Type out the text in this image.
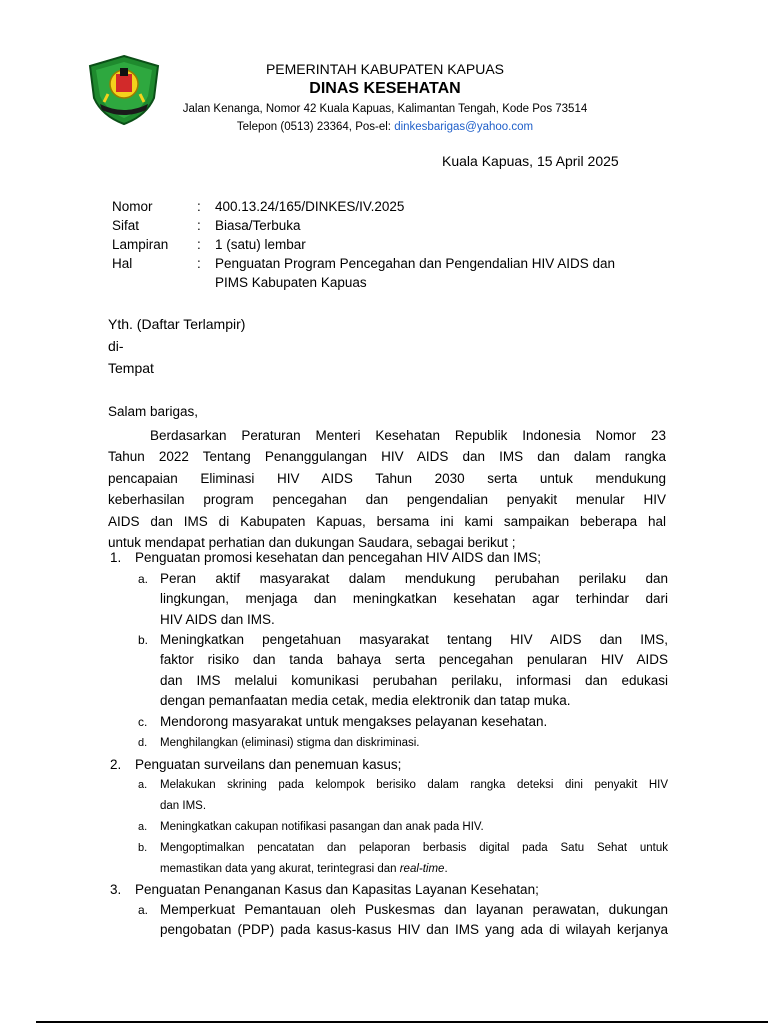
PEMERINTAH KABUPATEN KAPUAS
DINAS KESEHATAN
Jalan Kenanga, Nomor 42 Kuala Kapuas, Kalimantan Tengah, Kode Pos 73514
Telepon (0513) 23364, Pos-el: dinkesbarigas@yahoo.com
Kuala Kapuas, 15 April 2025
Nomor	:	400.13.24/165/DINKES/IV.2025
Sifat	:	Biasa/Terbuka
Lampiran	:	1 (satu) lembar
Hal	:	Penguatan Program Pencegahan dan Pengendalian HIV AIDS dan
PIMS Kabupaten Kapuas
Yth. (Daftar Terlampir)
di-
Tempat
Salam barigas,
Berdasarkan Peraturan Menteri Kesehatan Republik Indonesia Nomor 23
Tahun 2022 Tentang Penanggulangan HIV AIDS dan IMS dan dalam rangka
pencapaian Eliminasi HIV AIDS Tahun 2030 serta untuk mendukung
keberhasilan program pencegahan dan pengendalian penyakit menular HIV
AIDS dan IMS di Kabupaten Kapuas, bersama ini kami sampaikan beberapa hal
untuk mendapat perhatian dan dukungan Saudara, sebagai berikut ;
1.	Penguatan promosi kesehatan dan pencegahan HIV AIDS dan IMS;
a. Peran aktif masyarakat dalam mendukung perubahan perilaku dan
lingkungan, menjaga dan meningkatkan kesehatan agar terhindar dari
HIV AIDS dan IMS.
b. Meningkatkan pengetahuan masyarakat tentang HIV AIDS dan IMS,
faktor risiko dan tanda bahaya serta pencegahan penularan HIV AIDS
dan IMS melalui komunikasi perubahan perilaku, informasi dan edukasi
dengan pemanfaatan media cetak, media elektronik dan tatap muka.
c. Mendorong masyarakat untuk mengakses pelayanan kesehatan.
d.	Menghilangkan (eliminasi) stigma dan diskriminasi.
2.	Penguatan surveilans dan penemuan kasus;
a.	Melakukan skrining pada kelompok berisiko dalam rangka deteksi dini penyakit HIV
dan IMS.
a.	Meningkatkan cakupan notifikasi pasangan dan anak pada HIV.
b.	Mengoptimalkan pencatatan dan pelaporan berbasis digital pada Satu Sehat untuk
memastikan data yang akurat, terintegrasi dan real-time.
3.	Penguatan Penanganan Kasus dan Kapasitas Layanan Kesehatan;
a. Memperkuat Pemantauan oleh Puskesmas dan layanan perawatan, dukungan
pengobatan (PDP) pada kasus-kasus HIV dan IMS yang ada di wilayah kerjanya
